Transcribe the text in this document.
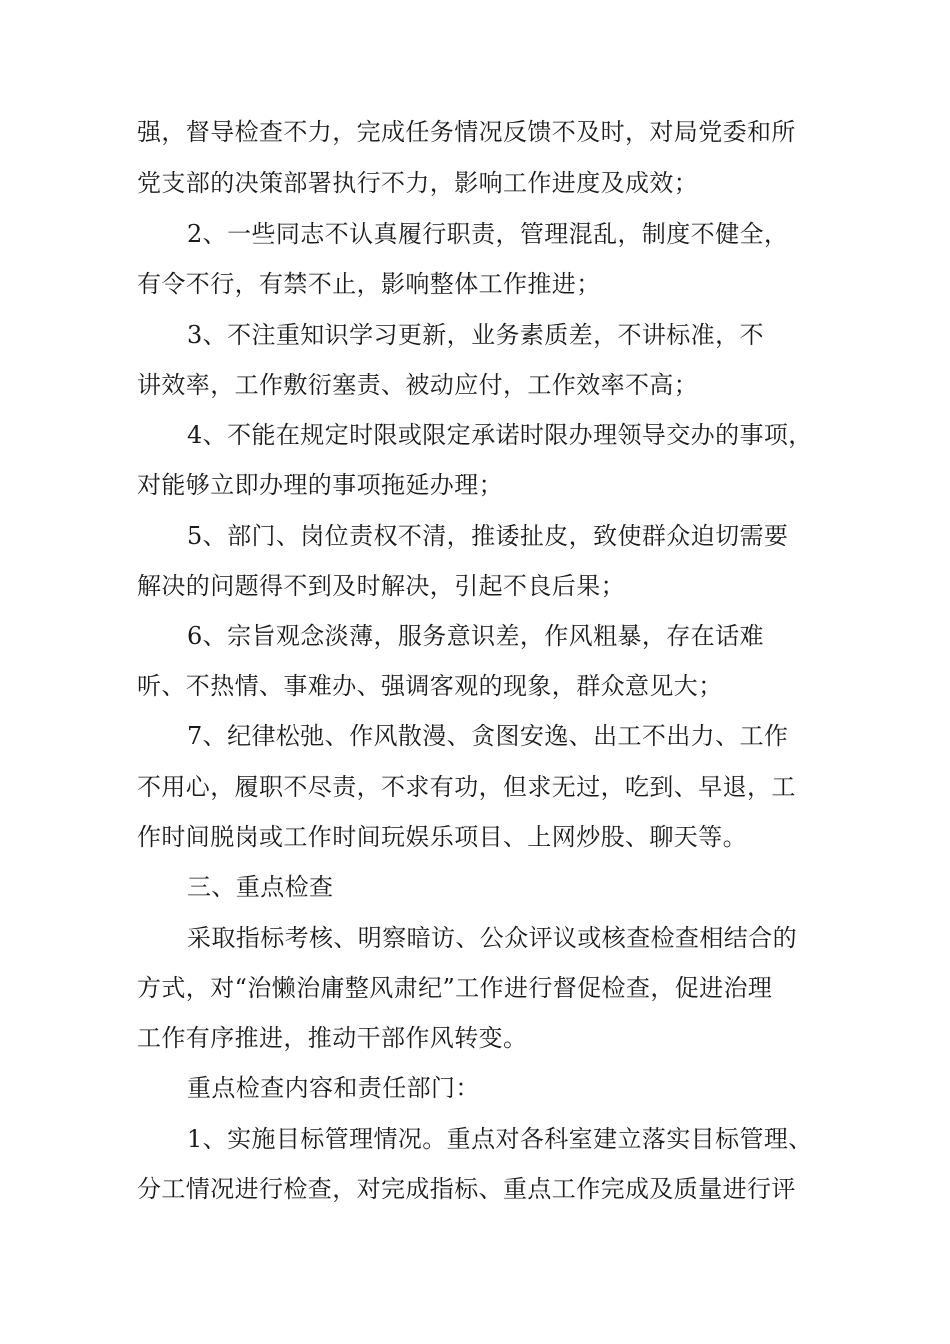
强，督导检查不力，完成任务情况反馈不及时，对局党委和所
党支部的决策部署执行不力，影响工作进度及成效；
2、一些同志不认真履行职责，管理混乱，制度不健全，
有令不行，有禁不止，影响整体工作推进；
3、不注重知识学习更新，业务素质差，不讲标准，不
讲效率，工作敷衍塞责、被动应付，工作效率不高；
4、不能在规定时限或限定承诺时限办理领导交办的事项，
对能够立即办理的事项拖延办理；
5、部门、岗位责权不清，推诿扯皮，致使群众迫切需要
解决的问题得不到及时解决，引起不良后果；
6、宗旨观念淡薄，服务意识差，作风粗暴，存在话难
听、不热情、事难办、强调客观的现象，群众意见大；
7、纪律松弛、作风散漫、贪图安逸、出工不出力、工作
不用心，履职不尽责，不求有功，但求无过，吃到、早退，工
作时间脱岗或工作时间玩娱乐项目、上网炒股、聊天等。
三、重点检查
采取指标考核、明察暗访、公众评议或核查检查相结合的
方式，对“治懒治庸整风肃纪”工作进行督促检查，促进治理
工作有序推进，推动干部作风转变。
重点检查内容和责任部门：
1、实施目标管理情况。重点对各科室建立落实目标管理、
分工情况进行检查，对完成指标、重点工作完成及质量进行评
